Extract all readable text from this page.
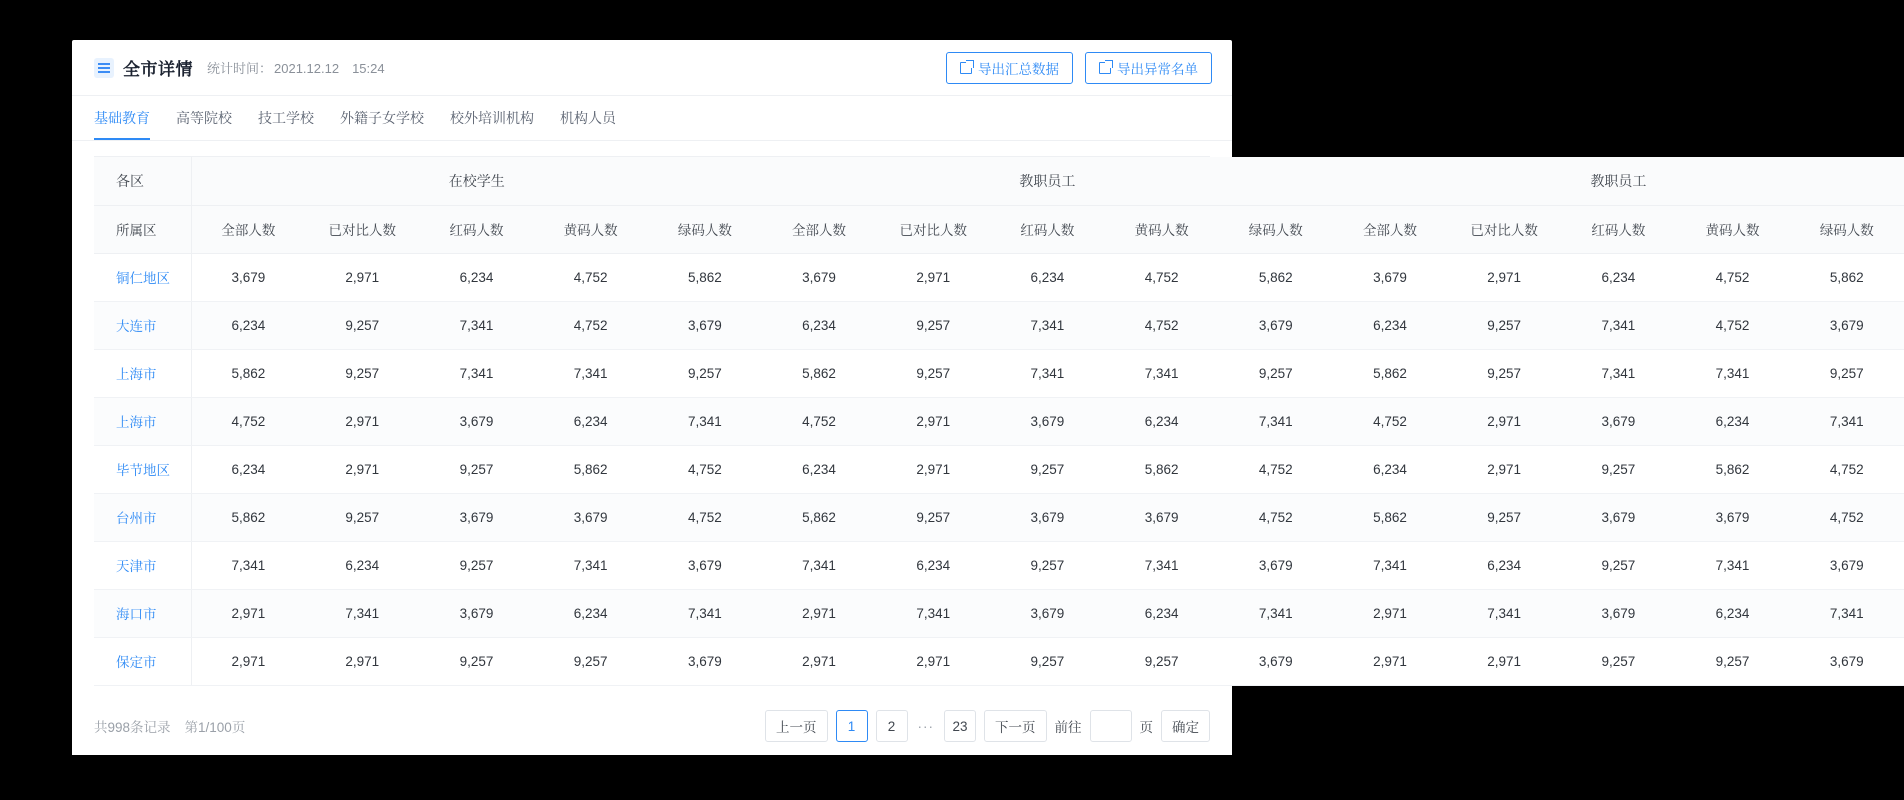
全市详情 统计时间： 2021.12.12　15:24	导出汇总数据	导出异常名单
基础教育 高等院校 技工学校 外籍子女学校 校外培训机构 机构人员
各区	在校学生					教职员工					教职员工				
所属区	全部人数	已对比人数	红码人数	黄码人数	绿码人数	全部人数	已对比人数	红码人数	黄码人数	绿码人数	全部人数	已对比人数	红码人数	黄码人数	绿码人数
铜仁地区	3,679	2,971	6,234	4,752	5,862	3,679	2,971	6,234	4,752	5,862	3,679	2,971	6,234	4,752	5,862
大连市	6,234	9,257	7,341	4,752	3,679	6,234	9,257	7,341	4,752	3,679	6,234	9,257	7,341	4,752	3,679
上海市	5,862	9,257	7,341	7,341	9,257	5,862	9,257	7,341	7,341	9,257	5,862	9,257	7,341	7,341	9,257
上海市	4,752	2,971	3,679	6,234	7,341	4,752	2,971	3,679	6,234	7,341	4,752	2,971	3,679	6,234	7,341
毕节地区	6,234	2,971	9,257	5,862	4,752	6,234	2,971	9,257	5,862	4,752	6,234	2,971	9,257	5,862	4,752
台州市	5,862	9,257	3,679	3,679	4,752	5,862	9,257	3,679	3,679	4,752	5,862	9,257	3,679	3,679	4,752
天津市	7,341	6,234	9,257	7,341	3,679	7,341	6,234	9,257	7,341	3,679	7,341	6,234	9,257	7,341	3,679
海口市	2,971	7,341	3,679	6,234	7,341	2,971	7,341	3,679	6,234	7,341	2,971	7,341	3,679	6,234	7,341
保定市	2,971	2,971	9,257	9,257	3,679	2,971	2,971	9,257	9,257	3,679	2,971	2,971	9,257	9,257	3,679
共998条记录 第1/100页	上一页	1	2	···	23	下一页	前往	页	确定
